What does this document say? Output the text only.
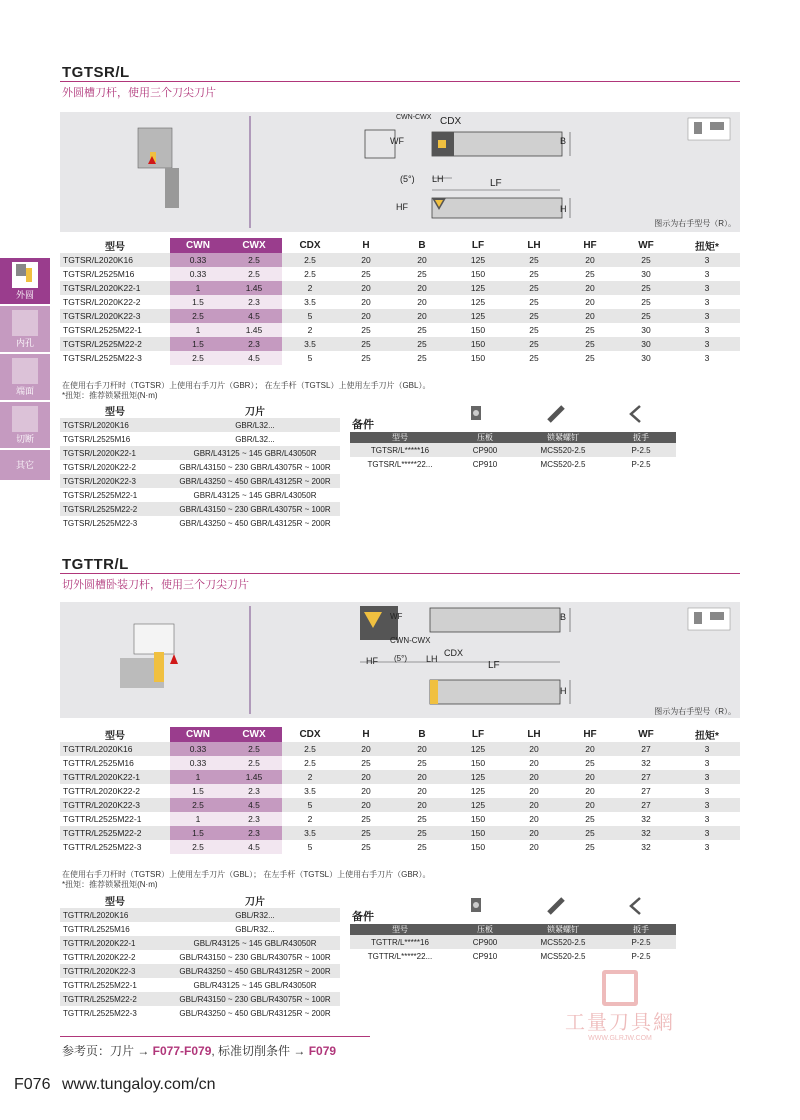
外圆
内孔
端面
切断
其它
TGTSR/L
外圆槽刀杆，使用三个刀尖刀片
CDX
CWN-CWX
WF	B
(5°) LH	LF
HF	H
图示为右手型号（R）。
型号	CWN	CWX	CDX	H	B	LF	LH	HF	WF	扭矩*
TGTSR/L2020K16	0.33	2.5	2.5	20	20	125	25	20	25	3
TGTSR/L2525M16	0.33	2.5	2.5	25	25	150	25	25	30	3
TGTSR/L2020K22-1	1	1.45	2	20	20	125	25	20	25	3
TGTSR/L2020K22-2	1.5	2.3	3.5	20	20	125	25	20	25	3
TGTSR/L2020K22-3	2.5	4.5	5	20	20	125	25	20	25	3
TGTSR/L2525M22-1	1	1.45	2	25	25	150	25	25	30	3
TGTSR/L2525M22-2	1.5	2.3	3.5	25	25	150	25	25	30	3
TGTSR/L2525M22-3	2.5	4.5	5	25	25	150	25	25	30	3
在使用右手刀杆时（TGTSR）上使用右手刀片（GBR）； 在左手杆（TGTSL）上使用左手刀片（GBL）。
*扭矩：推荐锁紧扭矩(N·m)
型号	刀片
TGTSR/L2020K16	GBR/L32...
TGTSR/L2525M16	GBR/L32...
TGTSR/L2020K22-1	GBR/L43125 ~ 145 GBR/L43050R
TGTSR/L2020K22-2	GBR/L43150 ~ 230 GBR/L43075R ~ 100R
TGTSR/L2020K22-3	GBR/L43250 ~ 450 GBR/L43125R ~ 200R
TGTSR/L2525M22-1	GBR/L43125 ~ 145 GBR/L43050R
TGTSR/L2525M22-2	GBR/L43150 ~ 230 GBR/L43075R ~ 100R
TGTSR/L2525M22-3	GBR/L43250 ~ 450 GBR/L43125R ~ 200R
备件
型号	压板	锁紧螺钉	扳手
TGTSR/L*****16	CP900	MCS520-2.5	P-2.5
TGTSR/L*****22...	CP910	MCS520-2.5	P-2.5
TGTTR/L
切外圆槽卧装刀杆，使用三个刀尖刀片
WF
CWN-CWX
B
CDX
HF (5°) LH
LF
H
图示为右手型号（R）。
型号	CWN	CWX	CDX	H	B	LF	LH	HF	WF	扭矩*
TGTTR/L2020K16	0.33	2.5	2.5	20	20	125	20	20	27	3
TGTTR/L2525M16	0.33	2.5	2.5	25	25	150	20	25	32	3
TGTTR/L2020K22-1	1	1.45	2	20	20	125	20	20	27	3
TGTTR/L2020K22-2	1.5	2.3	3.5	20	20	125	20	20	27	3
TGTTR/L2020K22-3	2.5	4.5	5	20	20	125	20	20	27	3
TGTTR/L2525M22-1	1	2.3	2	25	25	150	20	25	32	3
TGTTR/L2525M22-2	1.5	2.3	3.5	25	25	150	20	25	32	3
TGTTR/L2525M22-3	2.5	4.5	5	25	25	150	20	25	32	3
在使用右手刀杆时（TGTSR）上使用左手刀片（GBL）； 在左手杆（TGTSL）上使用右手刀片（GBR）。
*扭矩：推荐锁紧扭矩(N·m)
型号	刀片
TGTTR/L2020K16	GBL/R32...
TGTTR/L2525M16	GBL/R32...
TGTTR/L2020K22-1	GBL/R43125 ~ 145 GBL/R43050R
TGTTR/L2020K22-2	GBL/R43150 ~ 230 GBL/R43075R ~ 100R
TGTTR/L2020K22-3	GBL/R43250 ~ 450 GBL/R43125R ~ 200R
TGTTR/L2525M22-1	GBL/R43125 ~ 145 GBL/R43050R
TGTTR/L2525M22-2	GBL/R43150 ~ 230 GBL/R43075R ~ 100R
TGTTR/L2525M22-3	GBL/R43250 ~ 450 GBL/R43125R ~ 200R
备件
型号	压板	锁紧螺钉	扳手
TGTTR/L*****16	CP900	MCS520-2.5	P-2.5
TGTTR/L*****22...	CP910	MCS520-2.5	P-2.5
工量刀具網
WWW.GLRJW.COM
参考页：刀片 → F077-F079, 标准切削条件 → F079
F076 www.tungaloy.com/cn
